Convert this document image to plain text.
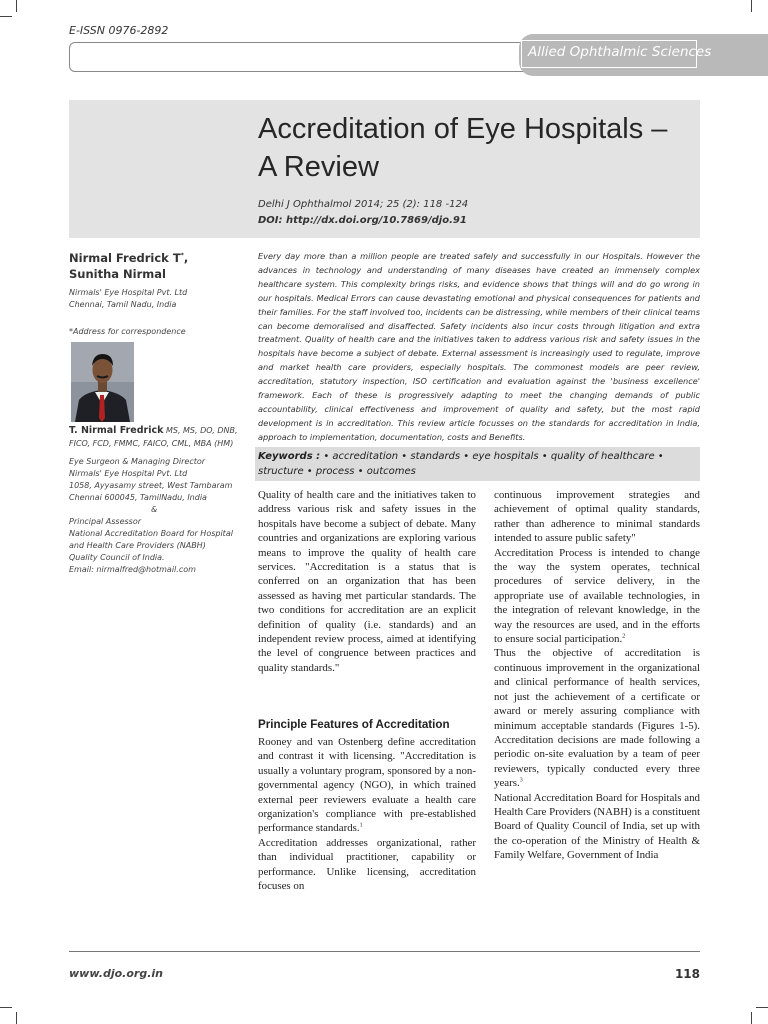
E-ISSN 0976-2892
Allied Ophthalmic Sciences
Accreditation of Eye Hospitals – A Review
Delhi J Ophthalmol 2014; 25 (2): 118 -124
DOI: http://dx.doi.org/10.7869/djo.91
Nirmal Fredrick T*,
Sunitha Nirmal
Nirmals' Eye Hospital Pvt. Ltd
Chennai, Tamil Nadu, India
*Address for correspondence
T. Nirmal Fredrick MS, MS, DO, DNB, FICO, FCD, FMMC, FAICO, CML, MBA (HM)
Eye Surgeon & Managing Director
Nirmals' Eye Hospital Pvt. Ltd
1058, Ayyasamy street, West Tambaram
Chennai 600045, TamilNadu, India
&
Principal Assessor
National Accreditation Board for Hospital
and Health Care Providers (NABH)
Quality Council of India.
Email: nirmalfred@hotmail.com
Every day more than a million people are treated safely and successfully in our Hospitals. However the advances in technology and understanding of many diseases have created an immensely complex healthcare system. This complexity brings risks, and evidence shows that things will and do go wrong in our hospitals. Medical Errors can cause devastating emotional and physical consequences for patients and their families. For the staff involved too, incidents can be distressing, while members of their clinical teams can become demoralised and disaffected. Safety incidents also incur costs through litigation and extra treatment. Quality of health care and the initiatives taken to address various risk and safety issues in the hospitals have become a subject of debate. External assessment is increasingly used to regulate, improve and market health care providers, especially hospitals. The commonest models are peer review, accreditation, statutory inspection, ISO certification and evaluation against the 'business excellence' framework. Each of these is progressively adapting to meet the changing demands of public accountability, clinical effectiveness and improvement of quality and safety, but the most rapid development is in accreditation. This review article focusses on the standards for accreditation in India, approach to implementation, documentation, costs and Benefits.
Keywords : • accreditation • standards • eye hospitals • quality of healthcare • structure • process • outcomes

Quality of health care and the initiatives taken to address various risk and safety issues in the hospitals have become a subject of debate. Many countries and organizations are exploring various means to improve the quality of health care services. "Accreditation is a status that is conferred on an organization that has been assessed as having met particular standards. The two conditions for accreditation are an explicit definition of quality (i.e. standards) and an independent review process, aimed at identifying the level of congruence between practices and quality standards."

Principle Features of Accreditation

Rooney and van Ostenberg define accreditation and contrast it with licensing. "Accreditation is usually a voluntary program, sponsored by a non-governmental agency (NGO), in which trained external peer reviewers evaluate a health care organization's compliance with pre-established performance standards.$^1$

Accreditation addresses organizational, rather than individual practitioner, capability or performance. Unlike licensing, accreditation focuses on

continuous improvement strategies and achievement of optimal quality standards, rather than adherence to minimal standards intended to assure public safety"

Accreditation Process is intended to change the way the system operates, technical procedures of service delivery, in the appropriate use of available technologies, in the integration of relevant knowledge, in the way the resources are used, and in the efforts to ensure social participation.$^2$

Thus the objective of accreditation is continuous improvement in the organizational and clinical performance of health services, not just the achievement of a certificate or award or merely assuring compliance with minimum acceptable standards (Figures 1-5). Accreditation decisions are made following a periodic on-site evaluation by a team of peer reviewers, typically conducted every three years.$^3$

National Accreditation Board for Hospitals and Health Care Providers (NABH) is a constituent Board of Quality Council of India, set up with the co-operation of the Ministry of Health & Family Welfare, Government of India

www.djo.org.in	118
